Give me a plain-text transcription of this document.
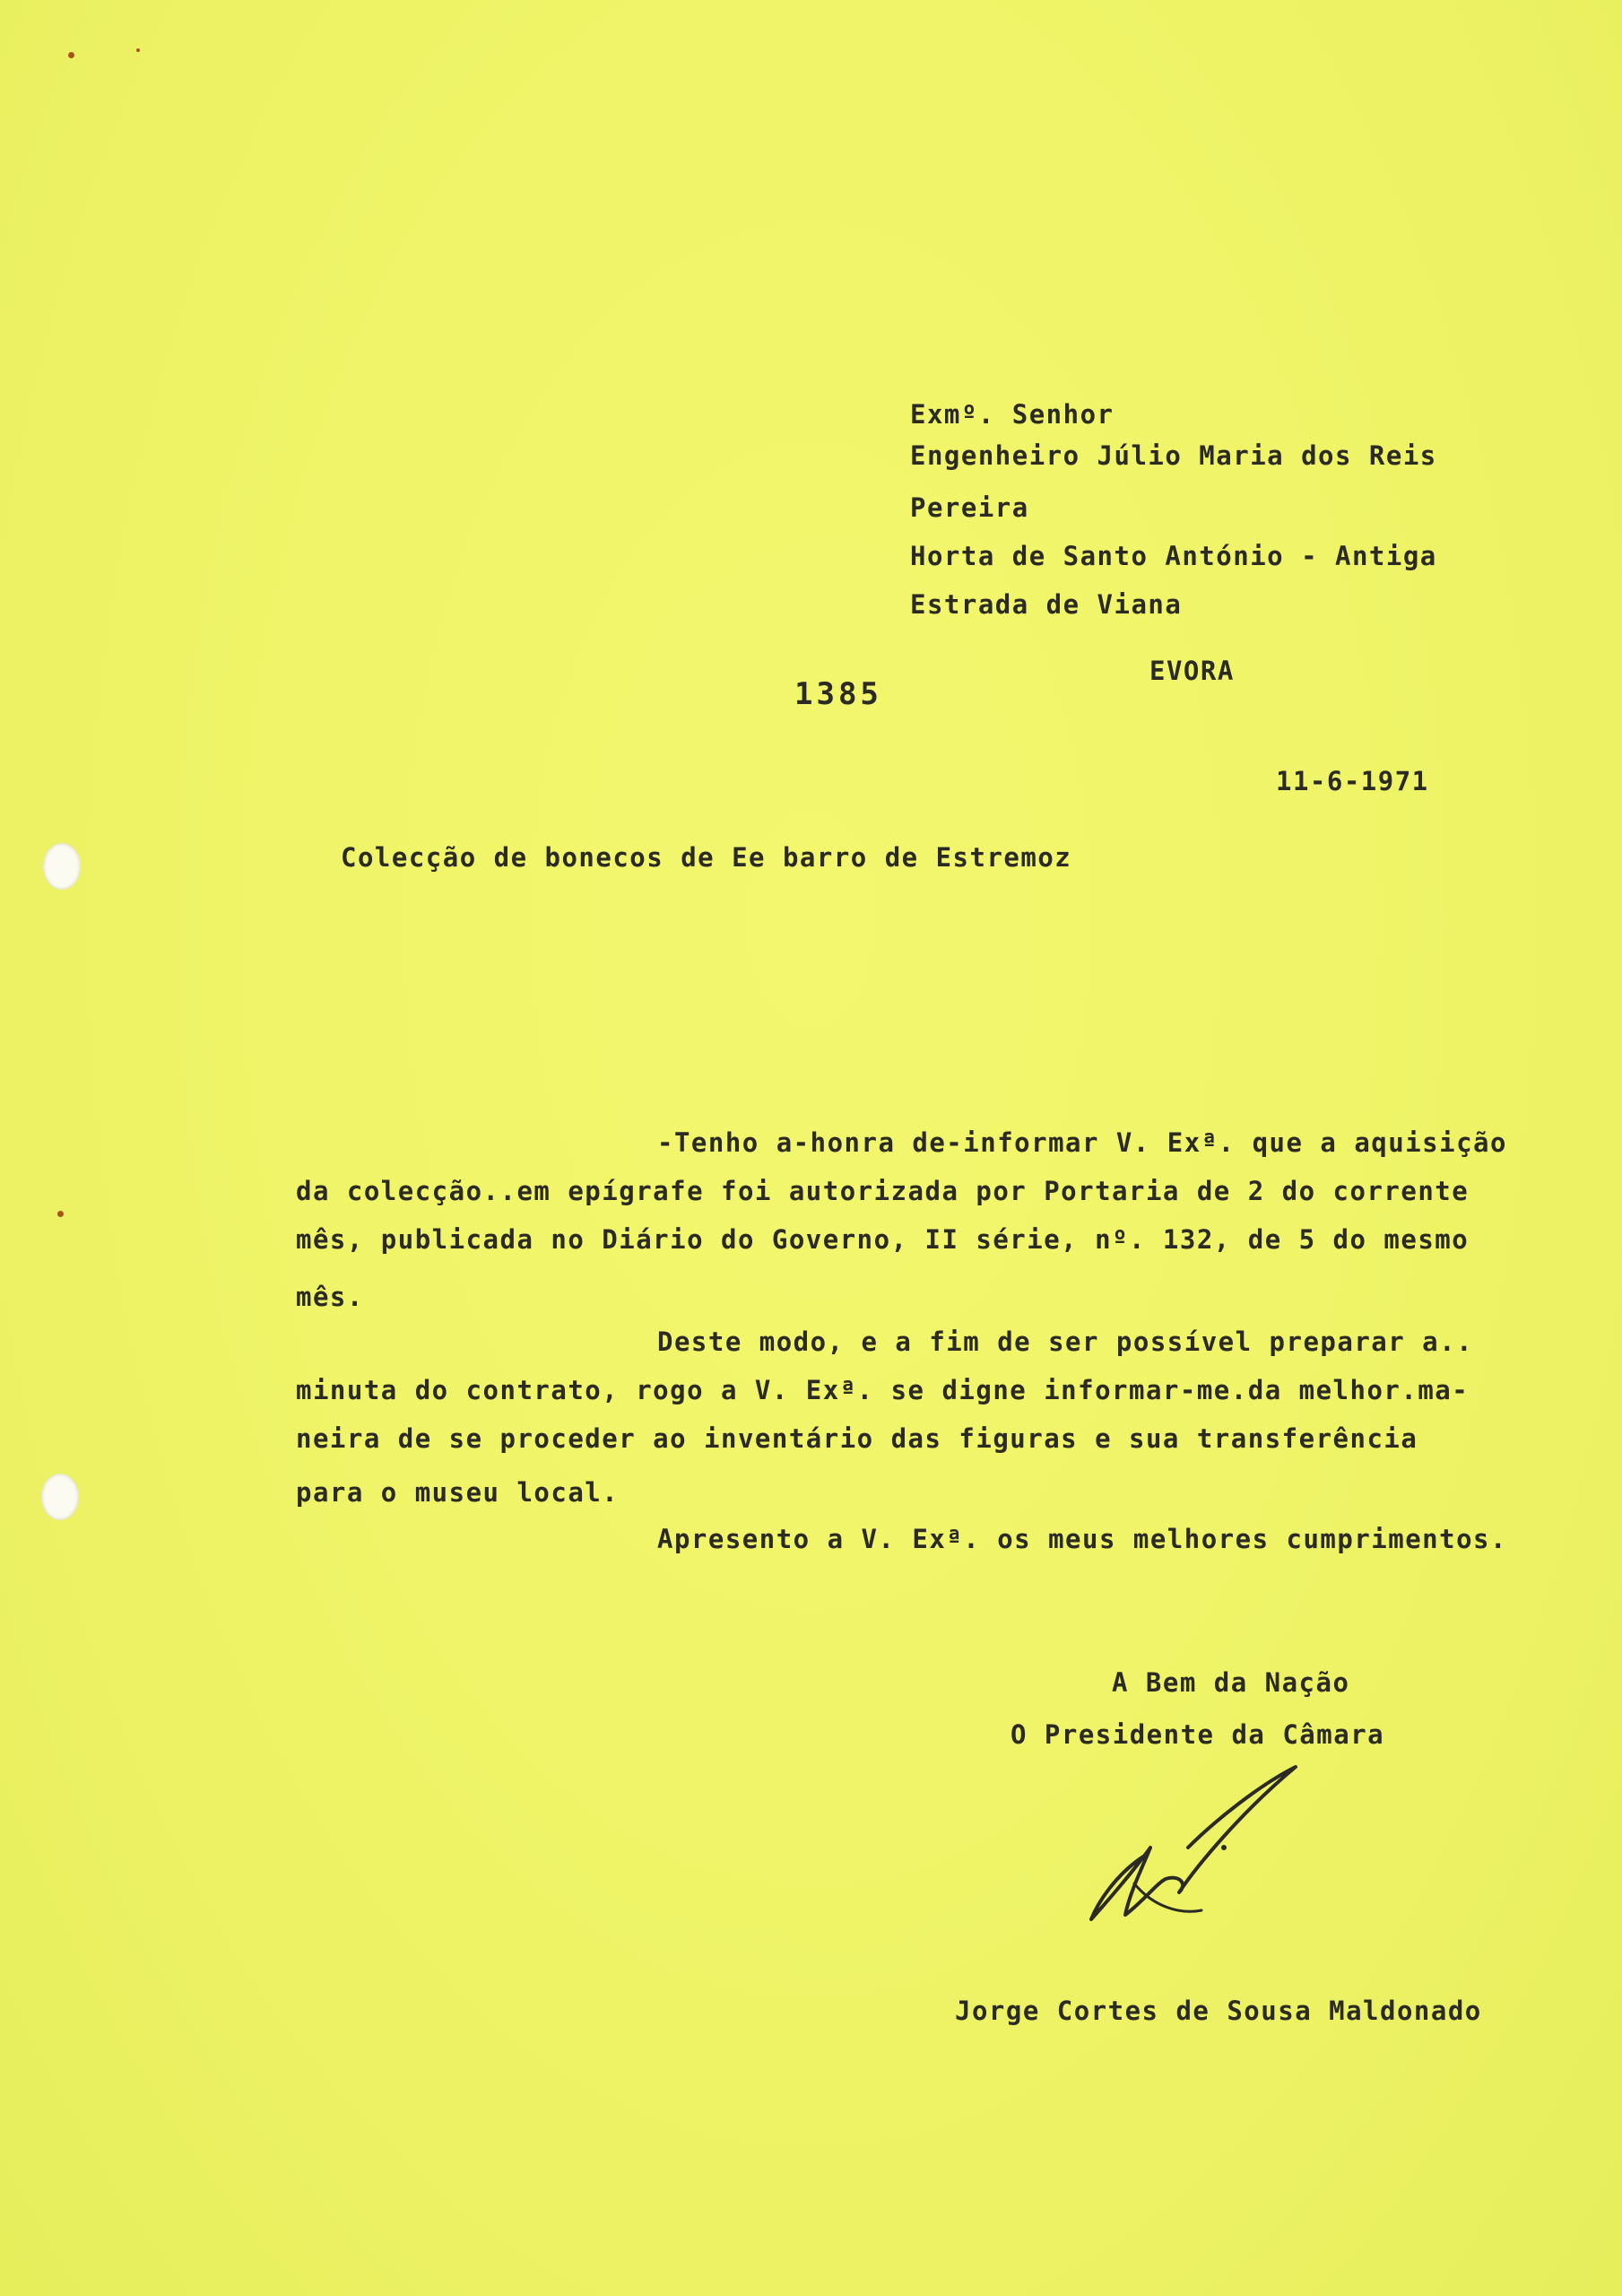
Exmº. Senhor
Engenheiro Júlio Maria dos Reis
Pereira
Horta de Santo António - Antiga
Estrada de Viana
EVORA
1385
11-6-1971
Colecção de bonecos de Ee barro de Estremoz
-Tenho a-honra de-informar V. Exª. que a aquisição
da colecção..em epígrafe foi autorizada por Portaria de 2 do corrente
mês, publicada no Diário do Governo, II série, nº. 132, de 5 do mesmo
mês.
Deste modo, e a fim de ser possível preparar a..
minuta do contrato, rogo a V. Exª. se digne informar-me.da melhor.ma-
neira de se proceder ao inventário das figuras e sua transferência
para o museu local.
Apresento a V. Exª. os meus melhores cumprimentos.
A Bem da Nação
O Presidente da Câmara
Jorge Cortes de Sousa Maldonado
